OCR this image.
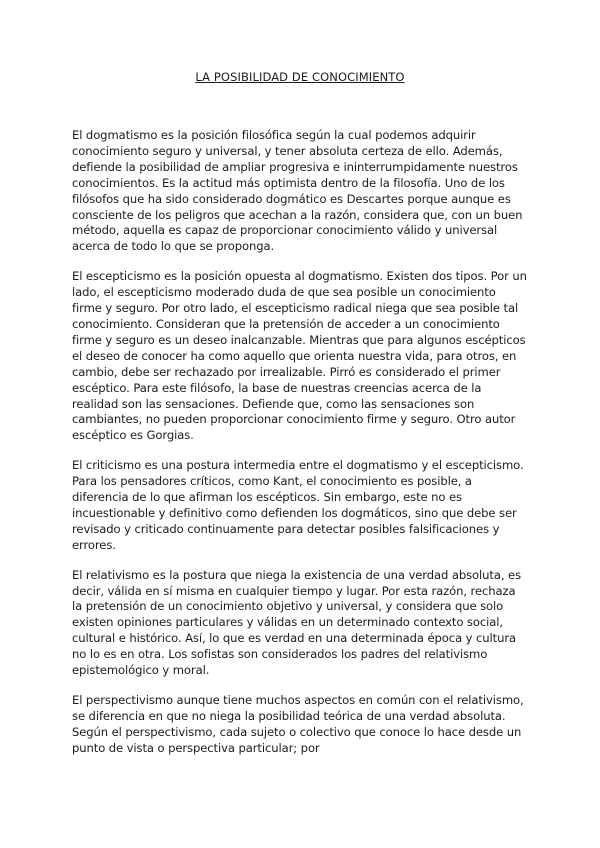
LA POSIBILIDAD DE CONOCIMIENTO

El dogmatismo es la posición filosófica según la cual podemos adquirir conocimiento seguro y universal, y tener absoluta certeza de ello. Además, defiende la posibilidad de ampliar progresiva e ininterrumpidamente nuestros conocimientos. Es la actitud más optimista dentro de la filosofía. Uno de los filósofos que ha sido considerado dogmático es Descartes porque aunque es consciente de los peligros que acechan a la razón, considera que, con un buen método, aquella es capaz de proporcionar conocimiento válido y universal acerca de todo lo que se proponga.

El escepticismo es la posición opuesta al dogmatismo. Existen dos tipos. Por un lado, el escepticismo moderado duda de que sea posible un conocimiento firme y seguro. Por otro lado, el escepticismo radical niega que sea posible tal conocimiento. Consideran que la pretensión de acceder a un conocimiento firme y seguro es un deseo inalcanzable. Mientras que para algunos escépticos el deseo de conocer ha como aquello que orienta nuestra vida, para otros, en cambio, debe ser rechazado por irrealizable. Pirró es considerado el primer escéptico. Para este filósofo, la base de nuestras creencias acerca de la realidad son las sensaciones. Defiende que, como las sensaciones son cambiantes, no pueden proporcionar conocimiento firme y seguro. Otro autor escéptico es Gorgias.

El criticismo es una postura intermedia entre el dogmatismo y el escepticismo. Para los pensadores críticos, como Kant, el conocimiento es posible, a diferencia de lo que afirman los escépticos. Sin embargo, este no es incuestionable y definitivo como defienden los dogmáticos, sino que debe ser revisado y criticado continuamente para detectar posibles falsificaciones y errores.

El relativismo es la postura que niega la existencia de una verdad absoluta, es decir, válida en sí misma en cualquier tiempo y lugar. Por esta razón, rechaza la pretensión de un conocimiento objetivo y universal, y considera que solo existen opiniones particulares y válidas en un determinado contexto social, cultural e histórico. Así, lo que es verdad en una determinada época y cultura no lo es en otra. Los sofistas son considerados los padres del relativismo epistemológico y moral.

El perspectivismo aunque tiene muchos aspectos en común con el relativismo, se diferencia en que no niega la posibilidad teórica de una verdad absoluta. Según el perspectivismo, cada sujeto o colectivo que conoce lo hace desde un punto de vista o perspectiva particular; por
